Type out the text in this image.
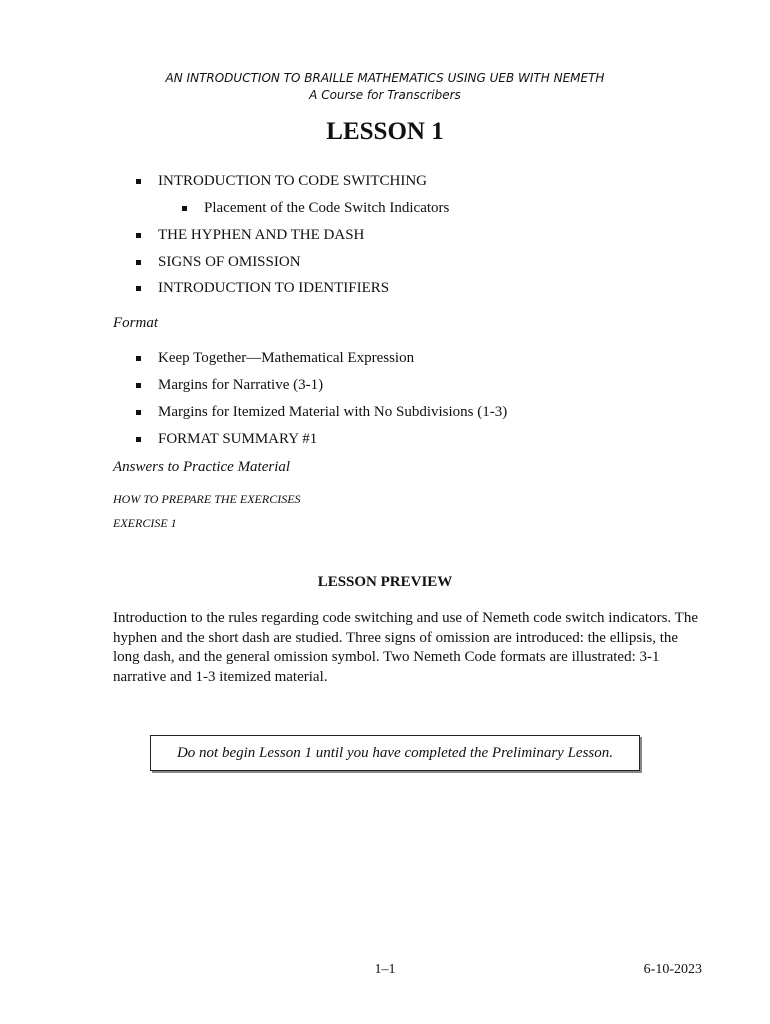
AN INTRODUCTION TO BRAILLE MATHEMATICS USING UEB WITH NEMETH
A Course for Transcribers
LESSON 1
INTRODUCTION TO CODE SWITCHING
Placement of the Code Switch Indicators
THE HYPHEN AND THE DASH
SIGNS OF OMISSION
INTRODUCTION TO IDENTIFIERS
Format
Keep Together—Mathematical Expression
Margins for Narrative (3-1)
Margins for Itemized Material with No Subdivisions (1-3)
FORMAT SUMMARY #1
Answers to Practice Material
HOW TO PREPARE THE EXERCISES
EXERCISE 1
LESSON PREVIEW
Introduction to the rules regarding code switching and use of Nemeth code switch indicators. The hyphen and the short dash are studied. Three signs of omission are introduced: the ellipsis, the long dash, and the general omission symbol. Two Nemeth Code formats are illustrated: 3-1 narrative and 1-3 itemized material.
Do not begin Lesson 1 until you have completed the Preliminary Lesson.
1–1	6-10-2023
